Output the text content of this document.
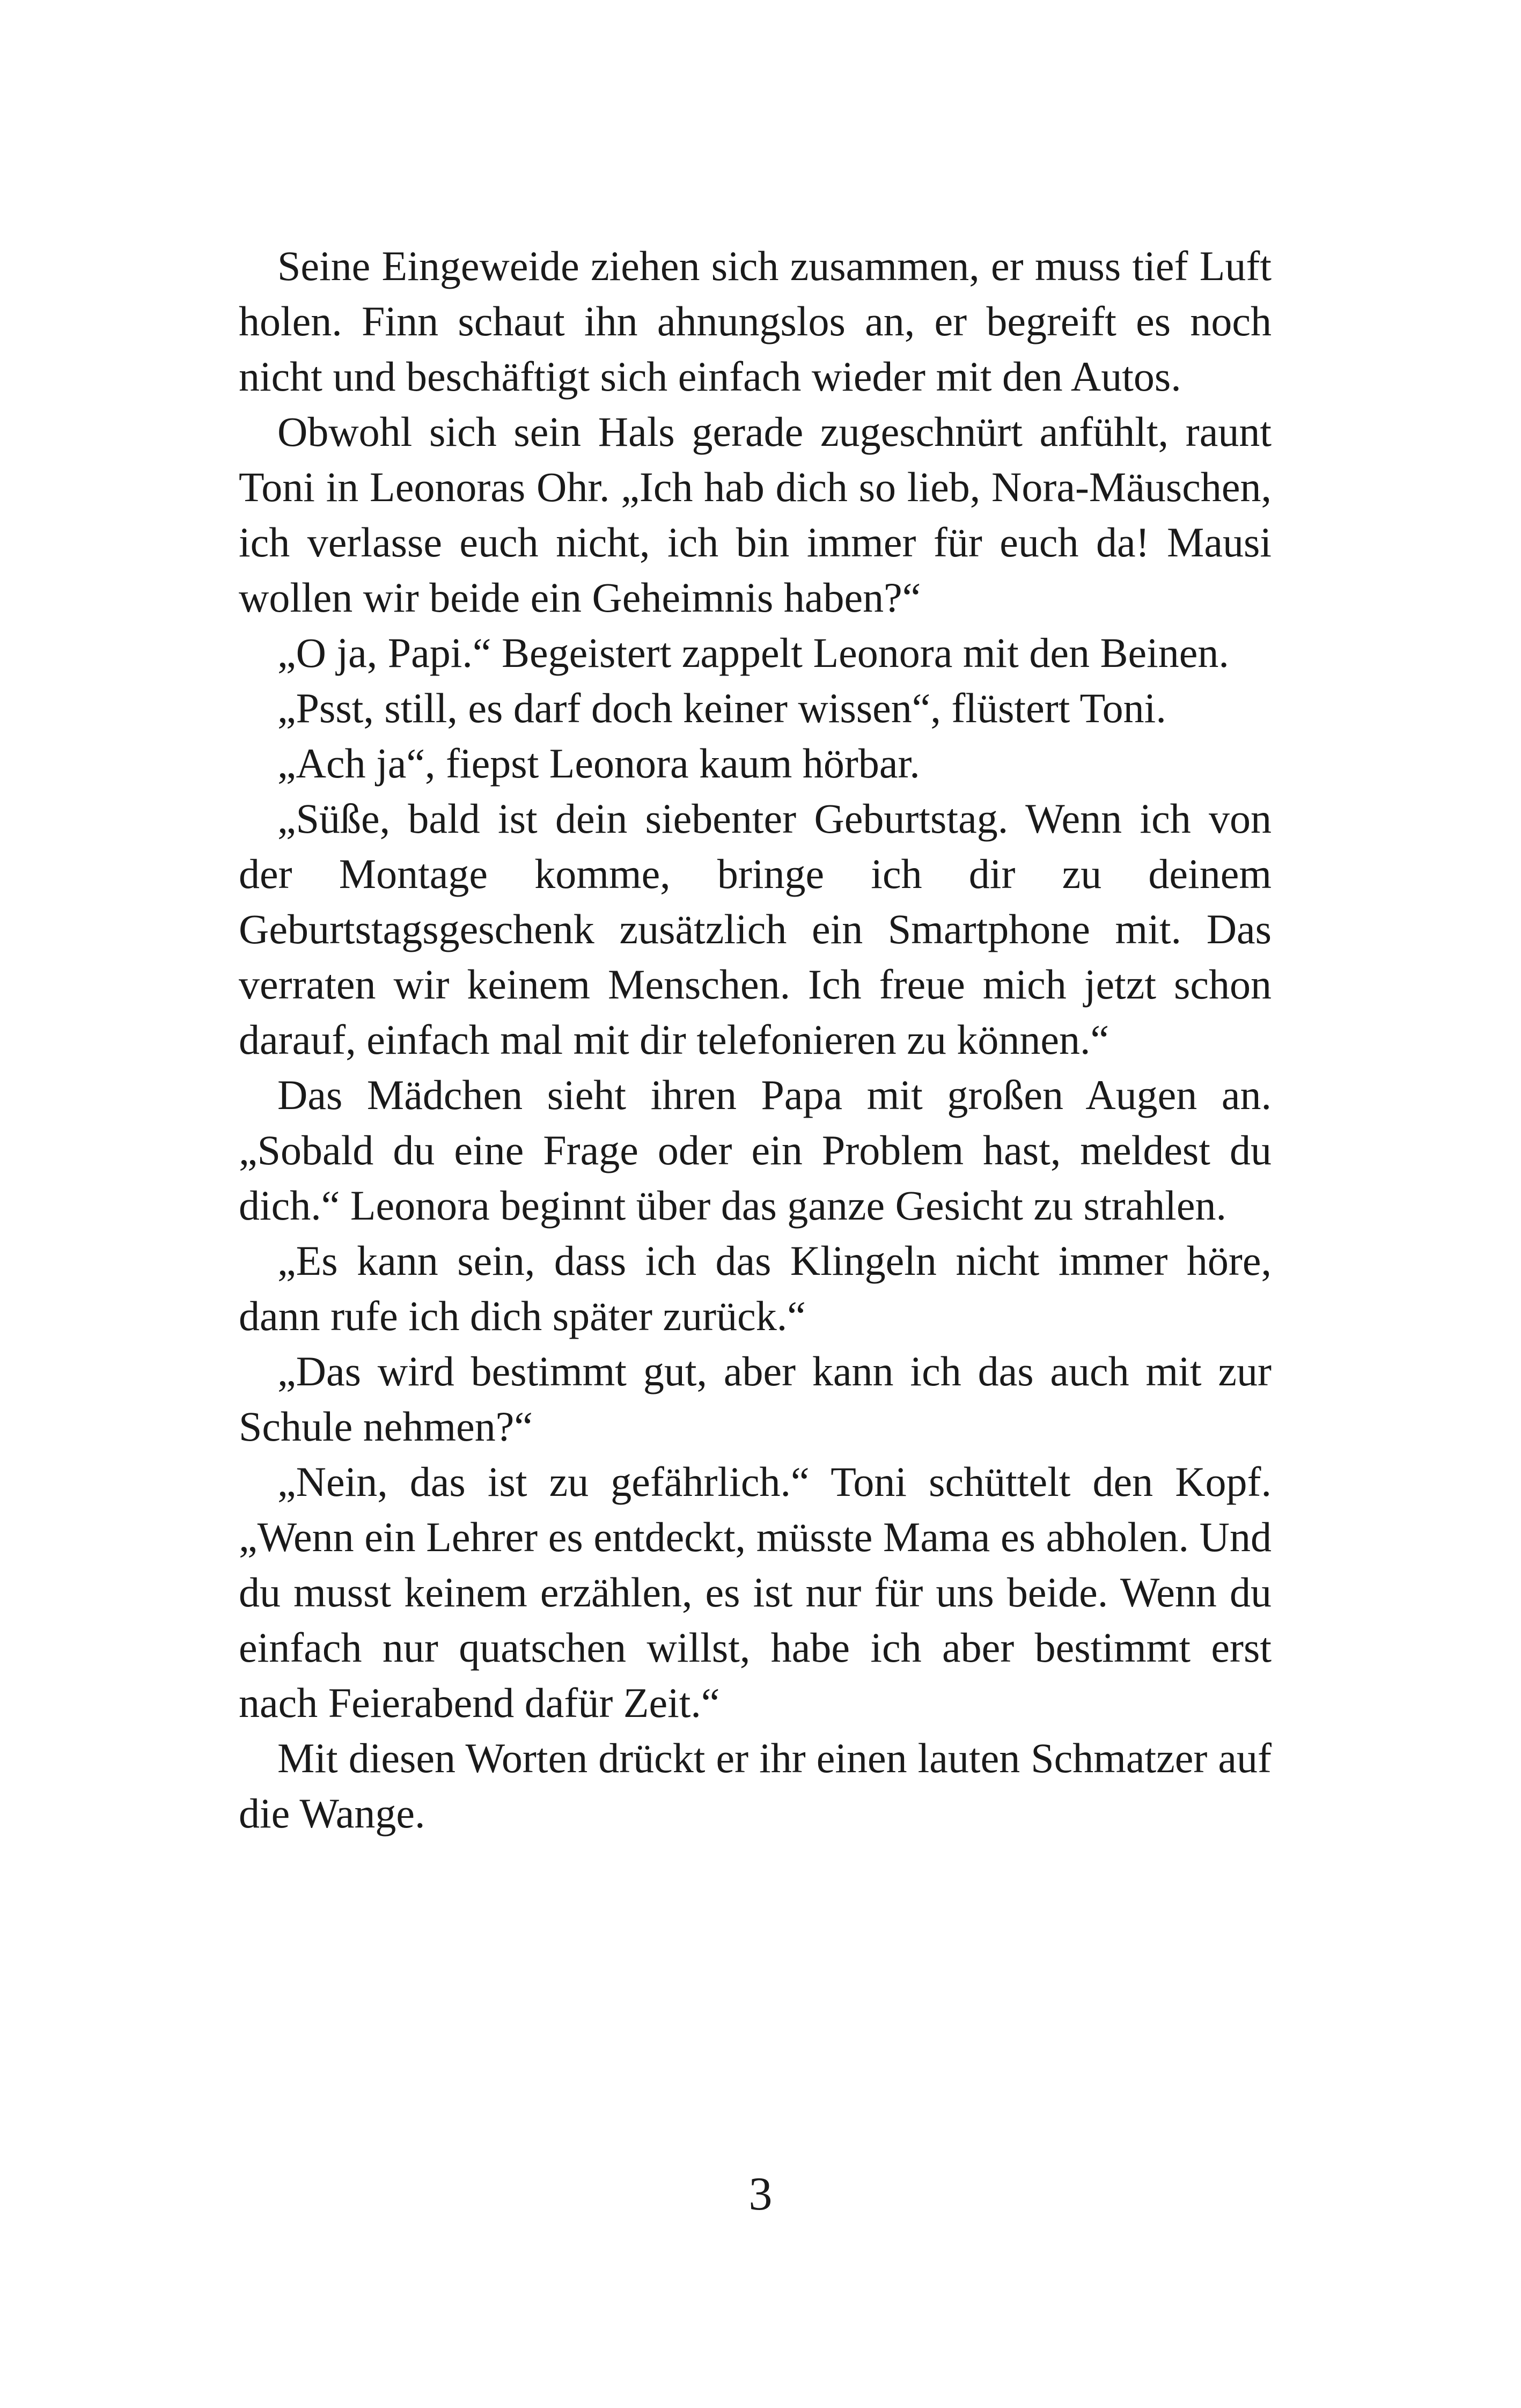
Seine Eingeweide ziehen sich zusammen, er muss tief Luft holen. Finn schaut ihn ahnungslos an, er begreift es noch nicht und beschäftigt sich einfach wieder mit den Autos.

Obwohl sich sein Hals gerade zugeschnürt anfühlt, raunt Toni in Leonoras Ohr. „Ich hab dich so lieb, Nora-Mäuschen, ich verlasse euch nicht, ich bin immer für euch da! Mausi wollen wir beide ein Geheimnis haben?“

„O ja, Papi.“ Begeistert zappelt Leonora mit den Beinen.

„Psst, still, es darf doch keiner wissen“, flüstert Toni.

„Ach ja“, fiepst Leonora kaum hörbar.

„Süße, bald ist dein siebenter Geburtstag. Wenn ich von der Montage komme, bringe ich dir zu deinem Geburtstagsgeschenk zusätzlich ein Smartphone mit. Das verraten wir keinem Menschen. Ich freue mich jetzt schon darauf, einfach mal mit dir telefonieren zu können.“

Das Mädchen sieht ihren Papa mit großen Augen an. „Sobald du eine Frage oder ein Problem hast, meldest du dich.“ Leonora beginnt über das ganze Gesicht zu strahlen.

„Es kann sein, dass ich das Klingeln nicht immer höre, dann rufe ich dich später zurück.“

„Das wird bestimmt gut, aber kann ich das auch mit zur Schule nehmen?“

„Nein, das ist zu gefährlich.“ Toni schüttelt den Kopf. „Wenn ein Lehrer es entdeckt, müsste Mama es abholen. Und du musst keinem erzählen, es ist nur für uns beide. Wenn du einfach nur quatschen willst, habe ich aber bestimmt erst nach Feierabend dafür Zeit.“

Mit diesen Worten drückt er ihr einen lauten Schmatzer auf die Wange.

3
